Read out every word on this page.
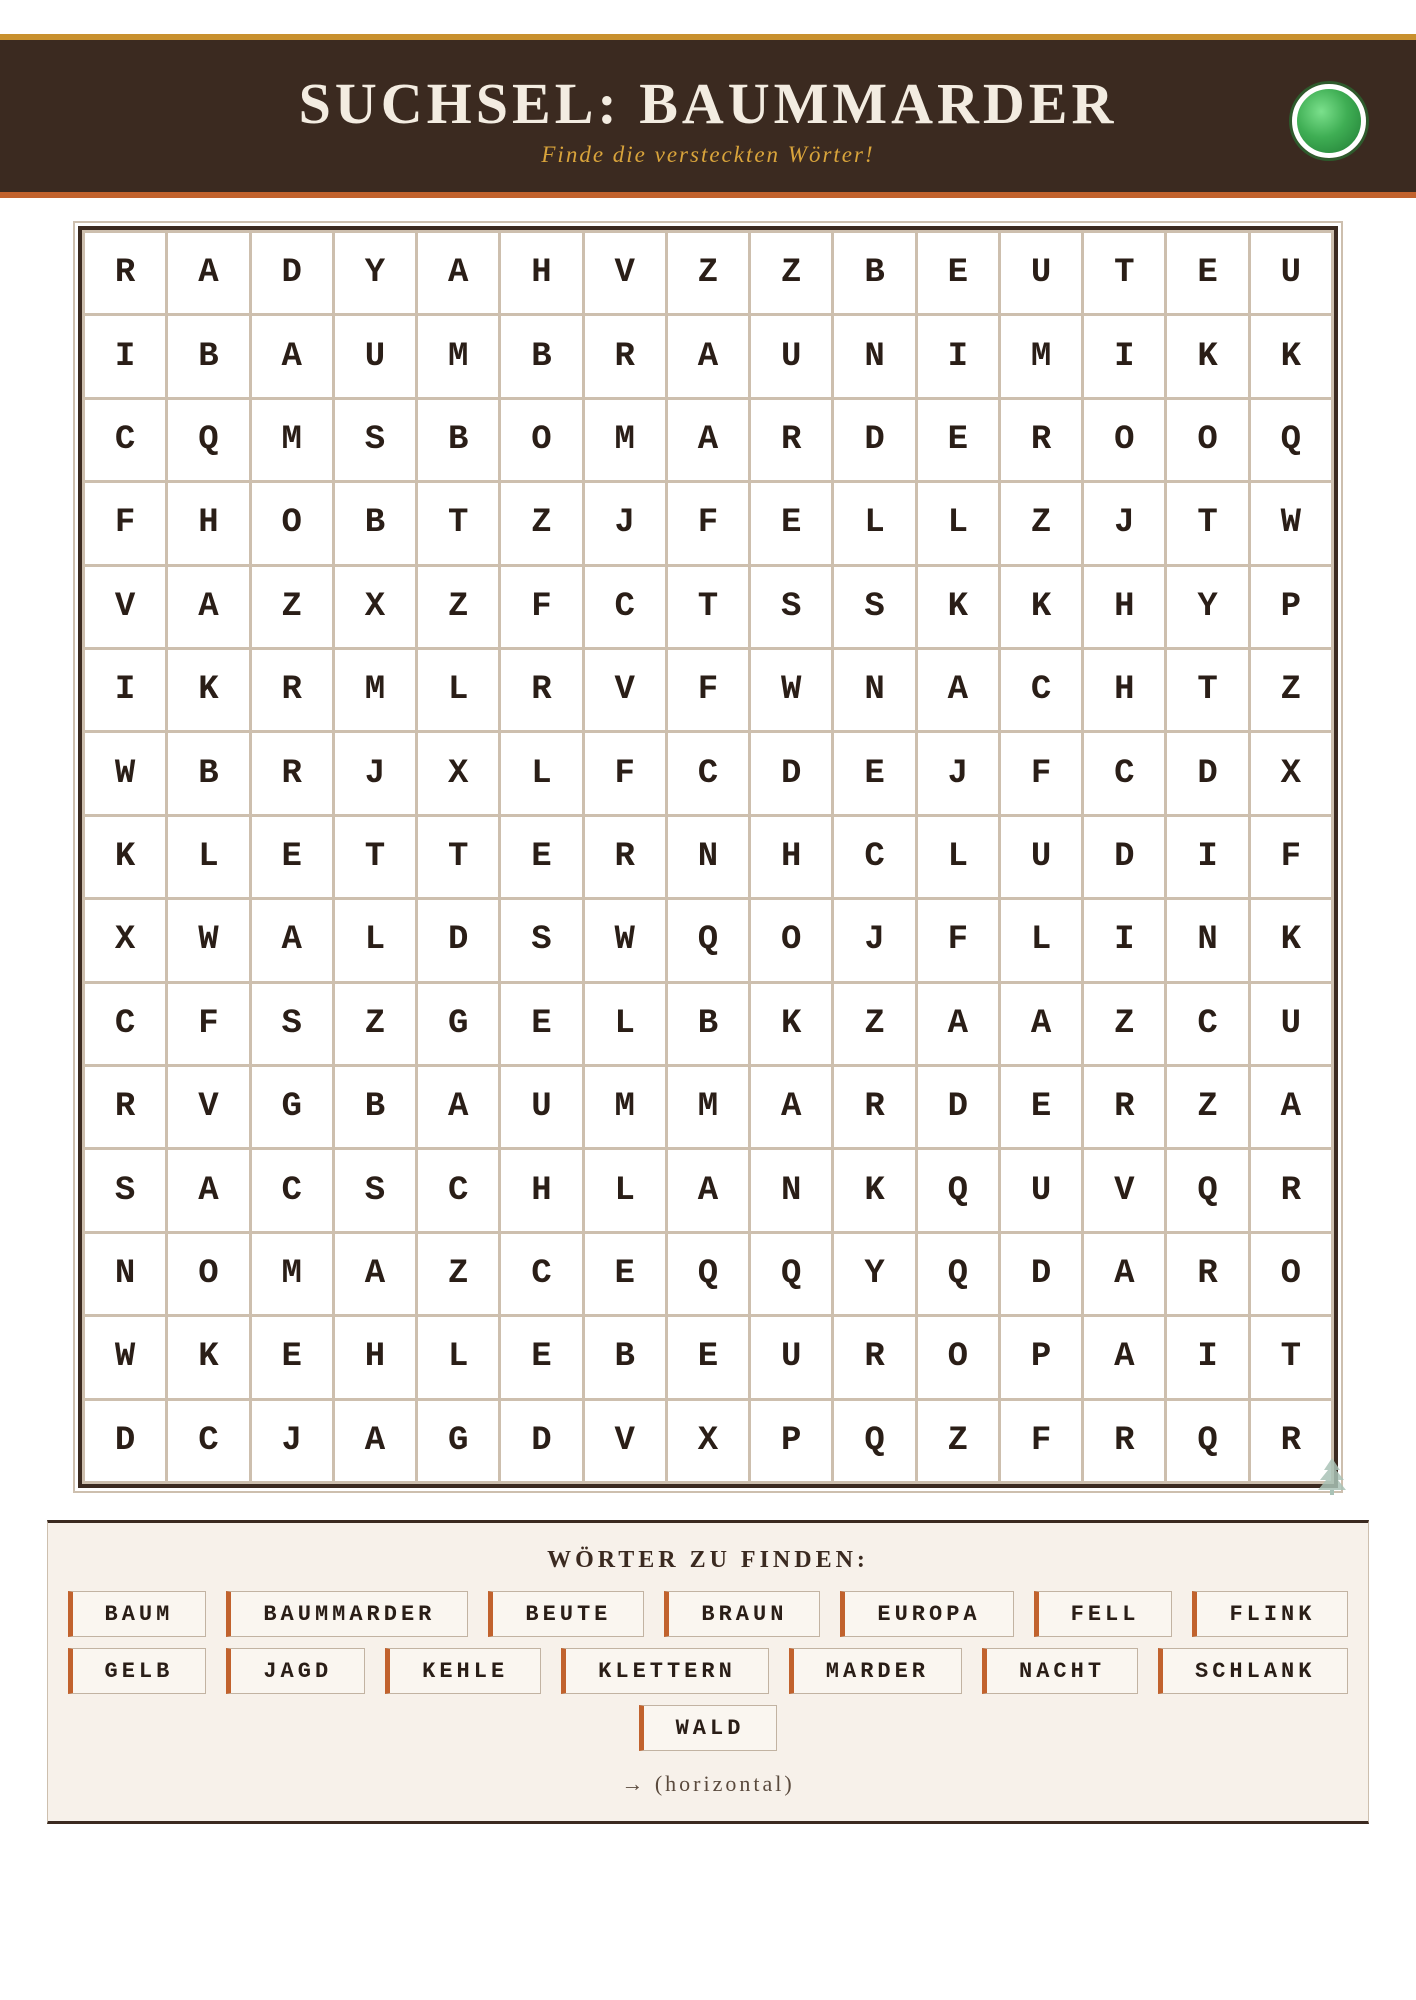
SUCHSEL: BAUMMARDER
Finde die versteckten Wörter!
R	A	D	Y	A	H	V	Z	Z	B	E	U	T	E	U
I	B	A	U	M	B	R	A	U	N	I	M	I	K	K
C	Q	M	S	B	O	M	A	R	D	E	R	O	O	Q
F	H	O	B	T	Z	J	F	E	L	L	Z	J	T	W
V	A	Z	X	Z	F	C	T	S	S	K	K	H	Y	P
I	K	R	M	L	R	V	F	W	N	A	C	H	T	Z
W	B	R	J	X	L	F	C	D	E	J	F	C	D	X
K	L	E	T	T	E	R	N	H	C	L	U	D	I	F
X	W	A	L	D	S	W	Q	O	J	F	L	I	N	K
C	F	S	Z	G	E	L	B	K	Z	A	A	Z	C	U
R	V	G	B	A	U	M	M	A	R	D	E	R	Z	A
S	A	C	S	C	H	L	A	N	K	Q	U	V	Q	R
N	O	M	A	Z	C	E	Q	Q	Y	Q	D	A	R	O
W	K	E	H	L	E	B	E	U	R	O	P	A	I	T
D	C	J	A	G	D	V	X	P	Q	Z	F	R	Q	R
WÖRTER ZU FINDEN:
BAUM	BAUMMARDER	BEUTE	BRAUN	EUROPA	FELL	FLINK
GELB	JAGD	KEHLE	KLETTERN	MARDER	NACHT	SCHLANK
WALD
→ (horizontal)
